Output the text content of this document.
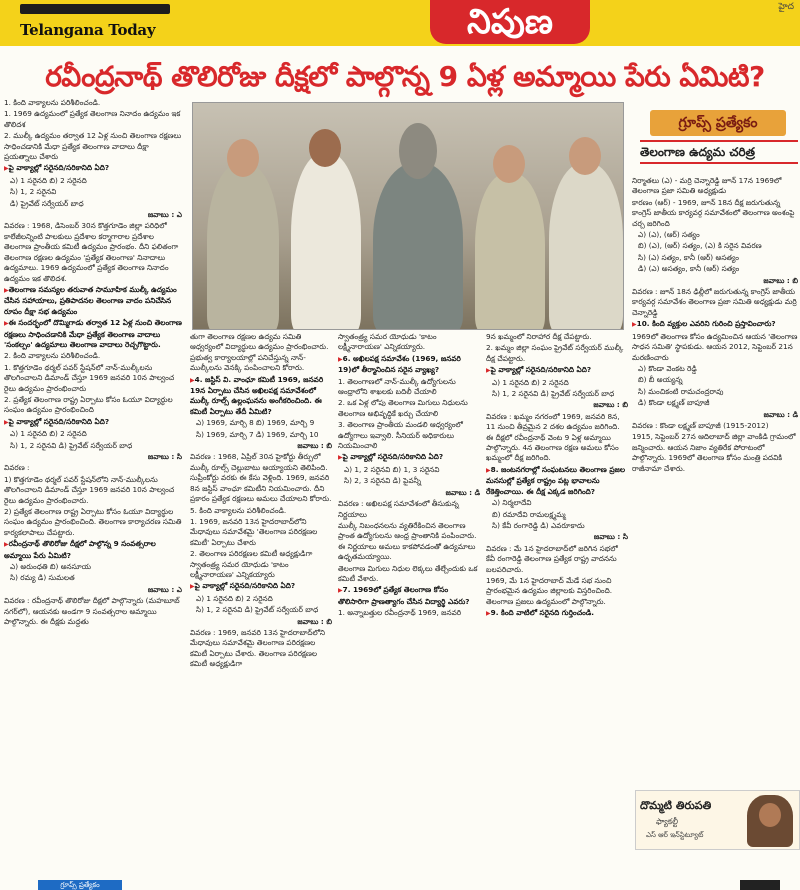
Telangana Today	నిపుణ	హైద
రవీంద్రనాథ్ తొలిరోజు దీక్షలో పాల్గొన్న 9 ఏళ్ల అమ్మాయి పేరు ఏమిటి?

1. కింది వాక్యాలను పరిశీలించండి.

1. 1969 ఉద్యమంలో ప్రత్యేక తెలంగాణ నినాదం ఉద్యమం ఇక తొలిదశ

2. ముల్కీ ఉద్యమం తర్వాత 12 ఏళ్ల నుంచి తెలంగాణ రక్షణలు సాధించడానికి మేధా ప్రత్యేక తెలంగాణ వాదాలు దీక్షా ప్రయత్నాలు చేశారు

▶ పై వాక్యాల్లో సరైనది/సరికానిది ఏది?

ఎ) 1 సరైనది బి) 2 సరైనది

సి) 1, 2 సరైనవి

డి) ప్రైవేట్ సర్వేయర్ బాధ

జవాబు : ఎ

వివరణ : 1968, డిసెంబర్ 30న కొత్తగూడెం జిల్లా పరిధిలో కాలేజీలన్నింటి పాలకులు ప్రదేశాల కర్మాగారాల ప్రదేశాల తెలంగాణ ప్రాంతీయ కమిటీ ఉద్యమం ప్రారంభం. దీని ఫలితంగా తెలంగాణ రక్షణల ఉద్యమం 'ప్రత్యేక తెలంగాణ' నినాదాలు ఉద్యమాలు. 1969 ఉద్యమంలో ప్రత్యేక తెలంగాణ నినాదం ఉద్యమం ఇక తొలిదశ.

▶ తెలంగాణ సమస్యల తరువాత సామూహిక ముల్కీ ఉద్యమం చేసిన సహాయాలు, ప్రతిపాదనల తెలంగాణ వాదం పనిచేసిన రూపం దీక్షా సభ ఉద్యమం

▶ ఈ సందర్భంలో దొమ్మిగాడు తర్వాత 12 ఏళ్ల నుంచి తెలంగాణ రక్షణలు సాధించడానికి మేధా ప్రత్యేక తెలంగాణ వాదాలు 'సంకల్పం' ఉద్యమాలు తెలంగాణ వాదాలు రెచ్చగొట్టారు.

2. కింది వాక్యాలను పరిశీలించండి.

1. కొత్తగూడెం థర్మల్ పవర్ స్టేషన్‌లో నాన్-ముల్కీలను తొలగించాలని డిమాండ్ చేస్తూ 1969 జనవరి 10న పాల్వంచ రైలు ఉద్యమం ప్రారంభించారు

2. ప్రత్యేక తెలంగాణ రాష్ట్ర ఏర్పాటు కోసం ఓయూ విద్యార్థుల సంఘం ఉద్యమం ప్రారంభించింది

▶ పై వాక్యాల్లో సరైనది/సరికానిది ఏది?

ఎ) 1 సరైనది బి) 2 సరైనది

సి) 1, 2 సరైనవి డి) ప్రైవేట్ సర్వేయర్ బాధ

జవాబు : సి

వివరణ :

1) కొత్తగూడెం థర్మల్ పవర్ స్టేషన్‌లోని నాన్-ముల్కీలను తొలగించాలని డిమాండ్ చేస్తూ 1969 జనవరి 10న పాల్వంచ రైలు ఉద్యమం ప్రారంభించారు.

2) ప్రత్యేక తెలంగాణ రాష్ట్ర ఏర్పాటు కోసం ఓయూ విద్యార్థుల సంఘం ఉద్యమం ప్రారంభించింది. తెలంగాణ కార్యాచరణ సమితి కార్యకలాపాలు చేపట్టారు.

▶ రవీంద్రనాథ్ తొలిరోజు దీక్షలో పాల్గొన్న 9 సంవత్సరాల అమ్మాయి పేరు ఏమిటి?

ఎ) అరుంధతి బి) అనసూయ

సి) రమ్య డి) సుమలత

జవాబు : ఎ

వివరణ : రవీంద్రనాథ్ తొలిరోజు దీక్షలో పాల్గొన్నారు (మహబూబ్ నగర్‌లో), ఆయనకు అండగా 9 సంవత్సరాల అమ్మాయి పాల్గొన్నారు. ఈ దీక్షకు మద్దతు

తుగా తెలంగాణ రక్షణల ఉద్యమ సమితి ఆధ్వర్యంలో విద్యార్థులు ఉద్యమం ప్రారంభించారు. ప్రభుత్వ కార్యాలయాల్లో పనిచేస్తున్న నాన్-ముల్కీలను వెనక్కి పంపించాలని కోరారు.

▶ 4. జస్టిస్ వి. వాంఛూ కమిటీ 1969, జనవరి 19న ఏర్పాటు చేసిన అఖిలపక్ష సమావేశంలో ముల్కీ రూల్స్ ఉల్లంఘనను అంగీకరించింది. ఈ కమిటీ ఏర్పాటు తేదీ ఏమిటి?

ఎ) 1969, మార్చి 8 బి) 1969, మార్చి 9

సి) 1969, మార్చి 7 డి) 1969, మార్చి 10

జవాబు : బి

వివరణ : 1968, ఏప్రిల్ 30న హైకోర్టు తీర్పులో ముల్కీ రూల్స్ చెల్లుబాటు అయ్యాయని తెలిపింది. సుప్రీంకోర్టు వరకు ఈ కేసు వెళ్లింది. 1969, జనవరి 8న జస్టిస్ వాంఛూ కమిటీని నియమించారు. దీని ప్రకారం ప్రత్యేక రక్షణలు అమలు చేయాలని కోరారు.

5. కింది వాక్యాలను పరిశీలించండి.

1. 1969, జనవరి 13న హైదరాబాద్‌లోని మేధావులు సమావేశమై 'తెలంగాణ పరిరక్షణల కమిటీ' ఏర్పాటు చేశారు

2. తెలంగాణ పరిరక్షణల కమిటీ అధ్యక్షుడిగా స్వాతంత్ర్య సమర యోధుడు 'కాటం లక్ష్మీనారాయణ' ఎన్నికయ్యారు

▶ పై వాక్యాల్లో సరైనది/సరికానిది ఏది?

ఎ) 1 సరైనది బి) 2 సరైనది

సి) 1, 2 సరైనవి డి) ప్రైవేట్ సర్వేయర్ బాధ

జవాబు : బి

వివరణ : 1969, జనవరి 13న హైదరాబాద్‌లోని మేధావులు సమావేశమై తెలంగాణ పరిరక్షణల కమిటీ ఏర్పాటు చేశారు. తెలంగాణ పరిరక్షణల కమిటీ అధ్యక్షుడిగా

స్వాతంత్ర్య సమర యోధుడు 'కాటం లక్ష్మీనారాయణ' ఎన్నికయ్యారు.

▶ 6. అఖిలపక్ష సమావేశం (1969, జనవరి 19)లో తీర్మానించిన సరైన వ్యాఖ్య?

1. తెలంగాణలో నాన్-ముల్కీ ఉద్యోగులను ఆంధ్రాలోని శాఖలకు బదిలీ చేయాలి

2. ఒక ఏళ్ల లోపు తెలంగాణ మిగులు నిధులను తెలంగాణ అభివృద్ధికే ఖర్చు చేయాలి

3. తెలంగాణ ప్రాంతీయ మండలి ఆధ్వర్యంలో ఉద్యోగాలు ఇవ్వాలి. సీనియర్ అధికారులు నియమించాలి

▶ పై వాక్యాల్లో సరైనది/సరికానిది ఏది?

ఎ) 1, 2 సరైనవి బి) 1, 3 సరైనవి

సి) 2, 3 సరైనవి డి) పైవన్నీ

జవాబు : డి

వివరణ : అఖిలపక్ష సమావేశంలో తీసుకున్న నిర్ణయాలు

ముల్కీ నిబంధనలను వ్యతిరేకించిన తెలంగాణ ప్రాంత ఉద్యోగులను ఆంధ్ర ప్రాంతానికి పంపించారు. ఈ నిర్ణయాలు అమలు కాకపోవడంతో ఉద్యమాలు ఉధృతమయ్యాయి.

తెలంగాణ మిగులు నిధుల లెక్కలు తేల్చేందుకు ఒక కమిటీ వేశారు.

▶ 7. 1969లో ప్రత్యేక తెలంగాణ కోసం తొలిసారిగా ప్రాణత్యాగం చేసిన విద్యార్థి ఎవరు?

1. అన్నాబత్తుల రవీంద్రనాథ్ 1969, జనవరి

9న ఖమ్మంలో నిరాహార దీక్ష చేపట్టారు.

2. ఖమ్మం జిల్లా సంఘం ప్రైవేట్ సర్వేయర్ ముల్కీ దీక్ష చేపట్టారు.

▶ పై వాక్యాల్లో సరైనది/సరికానిది ఏది?

ఎ) 1 సరైనది బి) 2 సరైనది

సి) 1, 2 సరైనవి డి) ప్రైవేట్ సర్వేయర్ బాధ

జవాబు : బి

వివరణ : ఖమ్మం నగరంలో 1969, జనవరి 8న, 11 నుంచి తీవ్రమైన 2 దశల ఉద్యమం జరిగింది. ఈ దీక్షలో రవీంద్రనాథ్ వెంట 9 ఏళ్ల అమ్మాయి పాల్గొన్నారు. 4న తెలంగాణ రక్షణ అమలు కోసం ఖమ్మంలో దీక్ష జరిగింది.

▶ 8. జంటనగరాల్లో సంఘటనలు తెలంగాణ ప్రజల మనసుల్లో ప్రత్యేక రాష్ట్రం పట్ల భావాలను రేకెత్తించాయి. ఈ దీక్ష ఎక్కడ జరిగింది?

ఎ) నిర్మలాదేవి

బి) రమాదేవి రామలక్ష్మమ్మ

సి) కేవీ రంగారెడ్డి డి) ఎవరూకాదు

జవాబు : సి

వివరణ : మే 1న హైదరాబాద్‌లో జరిగిన సభలో కేవీ రంగారెడ్డి తెలంగాణ ప్రత్యేక రాష్ట్ర వాదనను బలపరిచారు.

1969, మే 1న హైదరాబాద్ మేడే సభ నుంచి ప్రారంభమైన ఉద్యమం జిల్లాలకు విస్తరించింది. తెలంగాణ ప్రజలు ఉద్యమంలో పాల్గొన్నారు.

▶ 9. కింది వాటిలో సరైనది గుర్తించండి.

గ్రూప్స్ ప్రత్యేకం
తెలంగాణ ఉద్యమ చరిత్ర

నిర్మాతలు (ఎ) - మర్రి చెన్నారెడ్డి జూన్ 17న 1969లో తెలంగాణ ప్రజా సమితి అధ్యక్షుడు

కారణం (ఆర్) - 1969, జూన్ 18న దీక్ష జరుగుతున్న కాంగ్రెస్ జాతీయ కార్యవర్గ సమావేశంలో తెలంగాణ అంశంపై చర్చ జరిగింది

ఎ) (ఎ), (ఆర్) సత్యం

బి) (ఎ), (ఆర్) సత్యం, (ఎ) కి సరైన వివరణ

సి) (ఎ) సత్యం, కానీ (ఆర్) అసత్యం

డి) (ఎ) అసత్యం, కానీ (ఆర్) సత్యం

జవాబు : బి

వివరణ : జూన్ 18న ఢిల్లీలో జరుగుతున్న కాంగ్రెస్ జాతీయ కార్యవర్గ సమావేశం తెలంగాణ ప్రజా సమితి అధ్యక్షుడు మర్రి చెన్నారెడ్డి

▶ 10. కింది వ్యక్తుల ఎవరిని గురించి ప్రస్తావించారు?

1969లో తెలంగాణ కోసం ఉద్యమించిన ఆయన 'తెలంగాణ సాధన సమితి' స్థాపకుడు. ఆయన 2012, సెప్టెంబర్ 21న మరణించారు

ఎ) కొండా వెంకట రెడ్డి

బి) బీ అయ్యన్న

సి) మంచికంటి రామచంద్రరావు

డి) కొండా లక్ష్మణ్ బాపూజీ

జవాబు : డి

వివరణ : కొండా లక్ష్మణ్ బాపూజీ (1915-2012)

1915, సెప్టెంబర్ 27న ఆదిలాబాద్ జిల్లా వాంకిడి గ్రామంలో జన్మించారు. ఆయన నిజాం వ్యతిరేక పోరాటంలో పాల్గొన్నారు. 1969లో తెలంగాణ కోసం మంత్రి పదవికి రాజీనామా చేశారు.

దొమ్మటి తిరుపతి
ఫ్యాకల్టీ
ఎస్ ఆర్ ఇన్‌స్టిట్యూట్
గ్రూప్స్ ప్రత్యేకం
